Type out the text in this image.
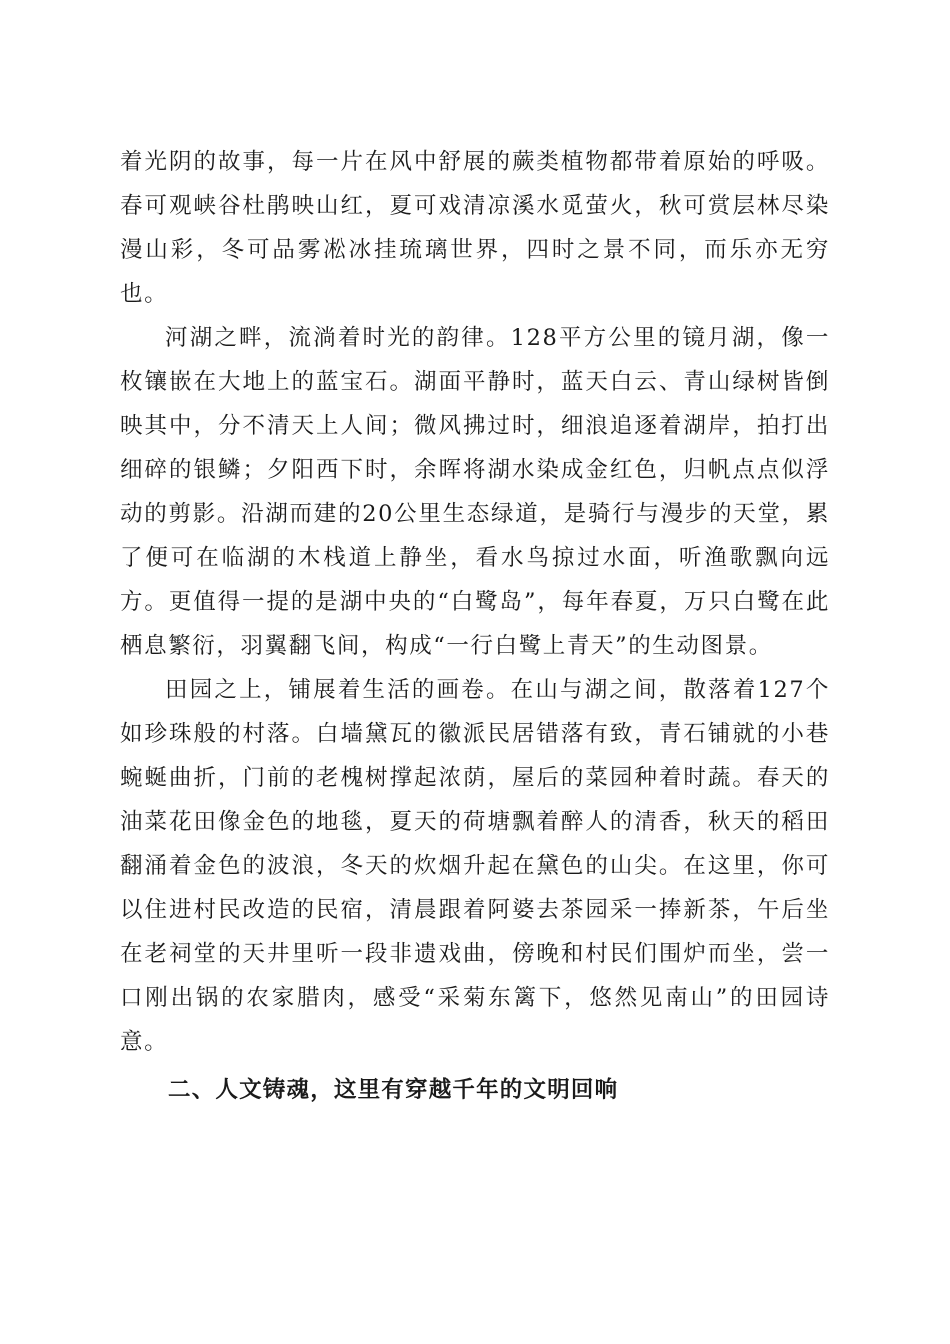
着光阴的故事，每一片在风中舒展的蕨类植物都带着原始的呼吸。春可观峡谷杜鹃映山红，夏可戏清凉溪水觅萤火，秋可赏层林尽染漫山彩，冬可品雾凇冰挂琉璃世界，四时之景不同，而乐亦无穷也。

河湖之畔，流淌着时光的韵律。128平方公里的镜月湖，像一枚镶嵌在大地上的蓝宝石。湖面平静时，蓝天白云、青山绿树皆倒映其中，分不清天上人间；微风拂过时，细浪追逐着湖岸，拍打出细碎的银鳞；夕阳西下时，余晖将湖水染成金红色，归帆点点似浮动的剪影。沿湖而建的20公里生态绿道，是骑行与漫步的天堂，累了便可在临湖的木栈道上静坐，看水鸟掠过水面，听渔歌飘向远方。更值得一提的是湖中央的“白鹭岛”，每年春夏，万只白鹭在此栖息繁衍，羽翼翻飞间，构成“一行白鹭上青天”的生动图景。

田园之上，铺展着生活的画卷。在山与湖之间，散落着127个如珍珠般的村落。白墙黛瓦的徽派民居错落有致，青石铺就的小巷蜿蜒曲折，门前的老槐树撑起浓荫，屋后的菜园种着时蔬。春天的油菜花田像金色的地毯，夏天的荷塘飘着醉人的清香，秋天的稻田翻涌着金色的波浪，冬天的炊烟升起在黛色的山尖。在这里，你可以住进村民改造的民宿，清晨跟着阿婆去茶园采一捧新茶，午后坐在老祠堂的天井里听一段非遗戏曲，傍晚和村民们围炉而坐，尝一口刚出锅的农家腊肉，感受“采菊东篱下，悠然见南山”的田园诗意。

二、人文铸魂，这里有穿越千年的文明回响
